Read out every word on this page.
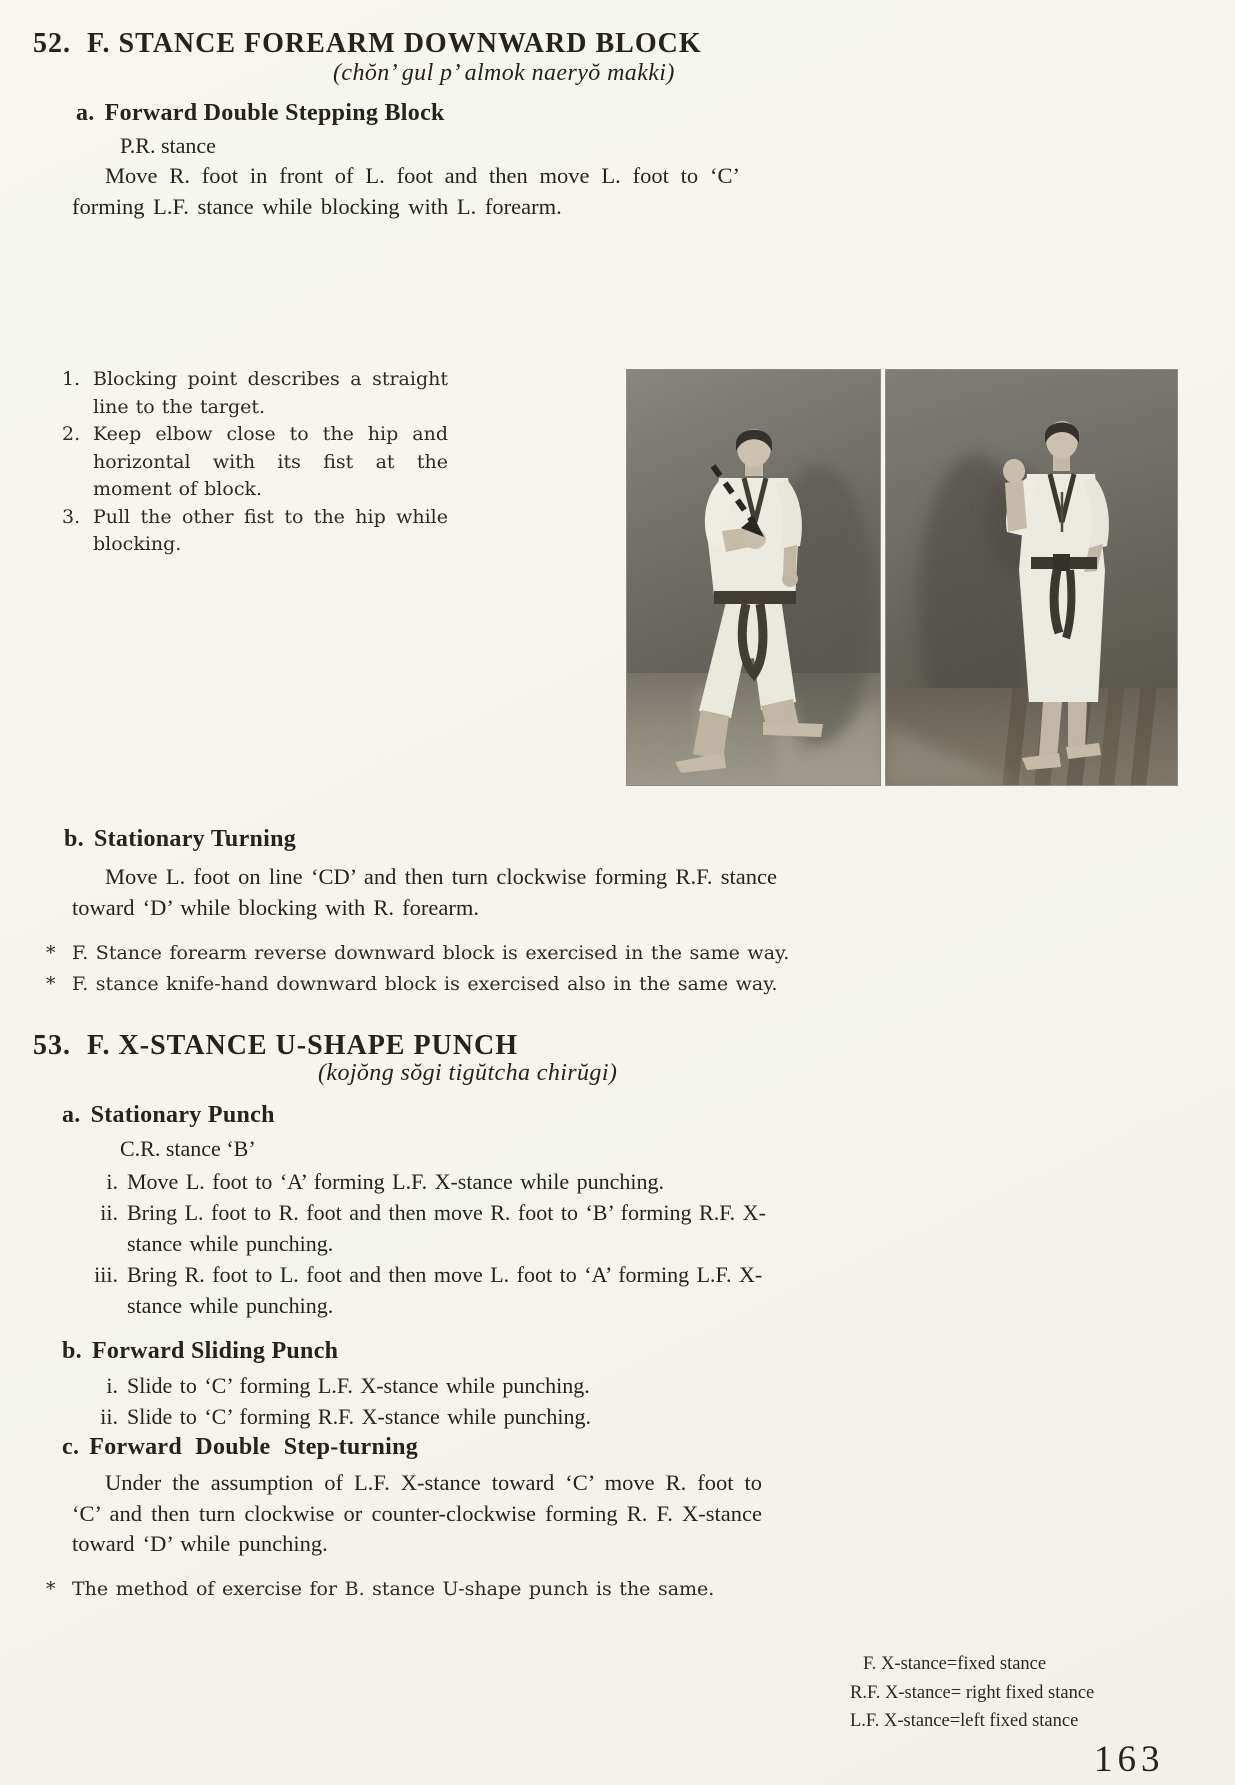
52. F. STANCE FOREARM DOWNWARD BLOCK
(chŏn’ gul p’ almok naeryŏ makki)
a. Forward Double Stepping Block
P.R. stance
Move R. foot in front of L. foot and then move L. foot to ‘C’ forming L.F. stance while blocking with L. forearm.
1. Blocking point describes a straight line to the target.
2. Keep elbow close to the hip and horizontal with its fist at the moment of block.
3. Pull the other fist to the hip while blocking.
b. Stationary Turning
Move L. foot on line ‘CD’ and then turn clockwise forming R.F. stance toward ‘D’ while blocking with R. forearm.
* F. Stance forearm reverse downward block is exercised in the same way.
* F. stance knife-hand downward block is exercised also in the same way.
53. F. X-STANCE U-SHAPE PUNCH
(kojŏng sŏgi tigŭtcha chirŭgi)
a. Stationary Punch
C.R. stance ‘B’
i. Move L. foot to ‘A’ forming L.F. X-stance while punching.
ii. Bring L. foot to R. foot and then move R. foot to ‘B’ forming R.F. X-stance while punching.
iii. Bring R. foot to L. foot and then move L. foot to ‘A’ forming L.F. X-stance while punching.
b. Forward Sliding Punch
i. Slide to ‘C’ forming L.F. X-stance while punching.
ii. Slide to ‘C’ forming R.F. X-stance while punching.
c. Forward Double Step-turning
Under the assumption of L.F. X-stance toward ‘C’ move R. foot to ‘C’ and then turn clockwise or counter-clockwise forming R. F. X-stance toward ‘D’ while punching.
* The method of exercise for B. stance U-shape punch is the same.
F. X-stance=fixed stance
R.F. X-stance= right fixed stance
L.F. X-stance=left fixed stance
163
